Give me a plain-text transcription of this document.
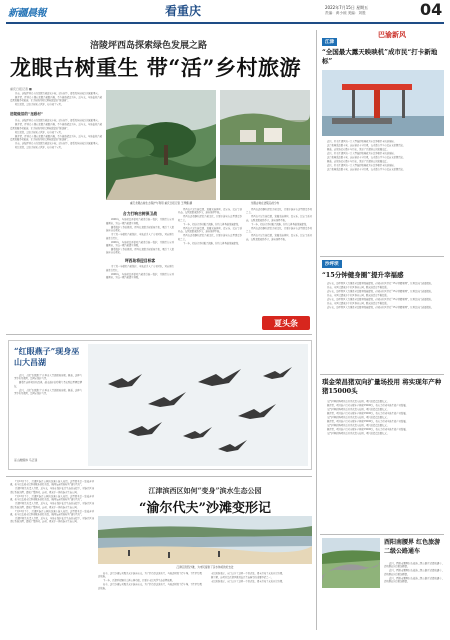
新疆晨報	看重庆	2022年7月15日 星期五
责编：黄小琼 美编：刘胜	04
涪陵坪西岛探索绿色发展之路
龙眼古树重生 带“活”乡村旅游
重庆日报记者 ■

日前，涪陵坪西岛上的龙眼古树迎来丰收。站在树下，能看见挂满枝头的累累果实。

据介绍，坪西岛上现存龙眼古树数百株，不少树龄超过百年。近年来，当地依托古树资源发展乡村旅游，让古树成为村民增收致富的“摇钱树”。

村民们说，过去古树无人管护，如今成了宝贝。

涪陵做活的“龙眼村”

日前，涪陵坪西岛上的龙眼古树迎来丰收。站在树下，能看见挂满枝头的累累果实。

据介绍，坪西岛上现存龙眼古树数百株，不少树龄超过百年。近年来，当地依托古树资源发展乡村旅游，让古树成为村民增收致富的“摇钱树”。

村民们说，过去古树无人管护，如今成了宝贝。

据介绍，坪西岛上现存龙眼古树数百株，不少树龄超过百年。近年来，当地依托古树资源发展乡村旅游，让古树成为村民增收致富的“摇钱树”。

日前，涪陵坪西岛上的龙眼古树迎来丰收。站在树下，能看见挂满枝头的累累果实。

村民们说，过去古树无人管护，如今成了宝贝。

重庆龙眼古树生态保护与利用 重庆日报记者 王琴摄 翻	龙眼古树在涪陵岛的分布
合力打响古树保卫战

2006年，当地村民开始对古树进行统一保护，并组织专家开展调查，为每一棵古树建立档案。

随着保护工作的推进，坪西岛龙眼古树重焕生机，吸引了大批游客前来观光。

为了进一步做好古树保护，当地还引入了专业团队，对病弱古树进行复壮。

2006年，当地村民开始对古树进行统一保护，并组织专家开展调查，为每一棵古树建立档案。

随着保护工作的推进，坪西岛龙眼古树重焕生机，吸引了大批游客前来观光。

坪西岛将迎目标客

为了进一步做好古树保护，当地还引入了专业团队，对病弱古树进行复壮。

2006年，当地村民开始对古树进行统一保护，并组织专家开展调查，为每一棵古树建立档案。

坪西岛立足古树资源，发展采摘体验、农家乐、民宿等新业态。每到龙眼成熟季节，游客络绎不绝。

坪西岛还将继续深挖古树文化，让更多游客在这里感受乡村之美。

下一步，将结合乡村振兴战略，持续完善基础设施建设。

坪西岛立足古树资源，发展采摘体验、农家乐、民宿等新业态。每到龙眼成熟季节，游客络绎不绝。

坪西岛还将继续深挖古树文化，让更多游客在这里感受乡村之美。

下一步，将结合乡村振兴战略，持续完善基础设施建设。

坪西岛还将继续深挖古树文化，让更多游客在这里感受乡村之美。

坪西岛立足古树资源，发展采摘体验、农家乐、民宿等新业态。每到龙眼成熟季节，游客络绎不绝。

下一步，将结合乡村振兴战略，持续完善基础设施建设。

坪西岛还将继续深挖古树文化，让更多游客在这里感受乡村之美。

坪西岛立足古树资源，发展采摘体验、农家乐、民宿等新业态。每到龙眼成熟季节，游客络绎不绝。

夏头条
江津
巴渝新风
“全国最大露天映映机”成市民“打卡新地标”

近日，位于江津区的一台大型装卸机械成为市民争相打卡的新地标。

这台机械高达数十米，远远望去十分壮观，每天都有不少市民前来拍照留念。

据悉，该设备已有数十年历史，见证了江津港口的发展变迁。

近日，位于江津区的一台大型装卸机械成为市民争相打卡的新地标。

这台机械高达数十米，远远望去十分壮观，每天都有不少市民前来拍照留念。

据悉，该设备已有数十年历史，见证了江津港口的发展变迁。

近日，位于江津区的一台大型装卸机械成为市民争相打卡的新地标。

这台机械高达数十米，远远望去十分壮观，每天都有不少市民前来拍照留念。

沙坪坝
“15分钟健身圈”提升幸福感

近年来，沙坪坝区大力推进全民健身设施建设，在城市社区打造“15分钟健身圈”，让居民出门就能锻炼。

目前，全区已建成多个社区体育公园，群众满意度不断提高。

近年来，沙坪坝区大力推进全民健身设施建设，在城市社区打造“15分钟健身圈”，让居民出门就能锻炼。

目前，全区已建成多个社区体育公园，群众满意度不断提高。

近年来，沙坪坝区大力推进全民健身设施建设，在城市社区打造“15分钟健身圈”，让居民出门就能锻炼。

目前，全区已建成多个社区体育公园，群众满意度不断提高。

近年来，沙坪坝区大力推进全民健身设施建设，在城市社区打造“15分钟健身圈”，让居民出门就能锻炼。

琪金荣昌猪双向扩量场投用 将实现年产种猪15000头

荣昌区种猪场项目近日正式投入使用，项目总投资达数亿元。

据介绍，项目满产后可实现年产种猪15000头，将有力带动当地生猪产业发展。

荣昌区种猪场项目近日正式投入使用，项目总投资达数亿元。

据介绍，项目满产后可实现年产种猪15000头，将有力带动当地生猪产业发展。

荣昌区种猪场项目近日正式投入使用，项目总投资达数亿元。

据介绍，项目满产后可实现年产种猪15000头，将有力带动当地生猪产业发展。

荣昌区种猪场项目近日正式投入使用，项目总投资达数亿元。

据介绍，项目满产后可实现年产种猪15000头，将有力带动当地生猪产业发展。

荣昌区种猪场项目近日正式投入使用，项目总投资达数亿元。

酉阳南腰界 红色旅游二级公路通车

近日，酉阳南腰界红色旅游二级公路正式建成通车，沿线群众出行更加便捷。

近日，酉阳南腰界红色旅游二级公路正式建成通车，沿线群众出行更加便捷。

近日，酉阳南腰界红色旅游二级公路正式建成通车，沿线群众出行更加便捷。

“红眼燕子”现身巫山大昌湖

近日，大批“红眼燕子”在巫山大昌湖湿地出现。据悉，这种鸟类学名为燕鸥，是国家保护鸟类。

随着生态环境持续改善，越来越多的珍稀鸟类来到这里栖息繁衍。

近日，大批“红眼燕子”在巫山大昌湖湿地出现。据悉，这种鸟类学名为燕鸥，是国家保护鸟类。

巫山融媒体 马正锋

7月13日下午，江津区滨江公园的沙滩上游人如织。这里原本是一处废弃河滩，如今已变成市民休闲娱乐的好去处，被网友亲切地称为“渝尔代夫”。

江津区相关负责人介绍，近年来，当地在保护长江生态的前提下，对滨江区域进行系统治理，建成了集休闲、运动、观光于一体的滨水生态公园。

7月13日下午，江津区滨江公园的沙滩上游人如织。这里原本是一处废弃河滩，如今已变成市民休闲娱乐的好去处，被网友亲切地称为“渝尔代夫”。

江津区相关负责人介绍，近年来，当地在保护长江生态的前提下，对滨江区域进行系统治理，建成了集休闲、运动、观光于一体的滨水生态公园。

7月13日下午，江津区滨江公园的沙滩上游人如织。这里原本是一处废弃河滩，如今已变成市民休闲娱乐的好去处，被网友亲切地称为“渝尔代夫”。

江津区相关负责人介绍，近年来，当地在保护长江生态的前提下，对滨江区域进行系统治理，建成了集休闲、运动、观光于一体的滨水生态公园。

江津滨西区如何“变身”滨水生态公园
“渝尔代夫”沙滩变形记
江津区滨西沙滩，为市民提供了亲水休闲的好去处

如今，这片沙滩每天吸引众多游客前来。为了打造好这张名片，当地还增设了停车场、卫生间等配套设施。

下一步，江津区将继续完善公园功能，让更多市民共享生态治理成果。

如今，这片沙滩每天吸引众多游客前来。为了打造好这张名片，当地还增设了停车场、卫生间等配套设施。

市民纷纷表示，家门口多了这样一个好去处，周末带孩子来玩非常方便。

据了解，该项目是江津区推进长江生态修复的重要举措之一。

市民纷纷表示，家门口多了这样一个好去处，周末带孩子来玩非常方便。
